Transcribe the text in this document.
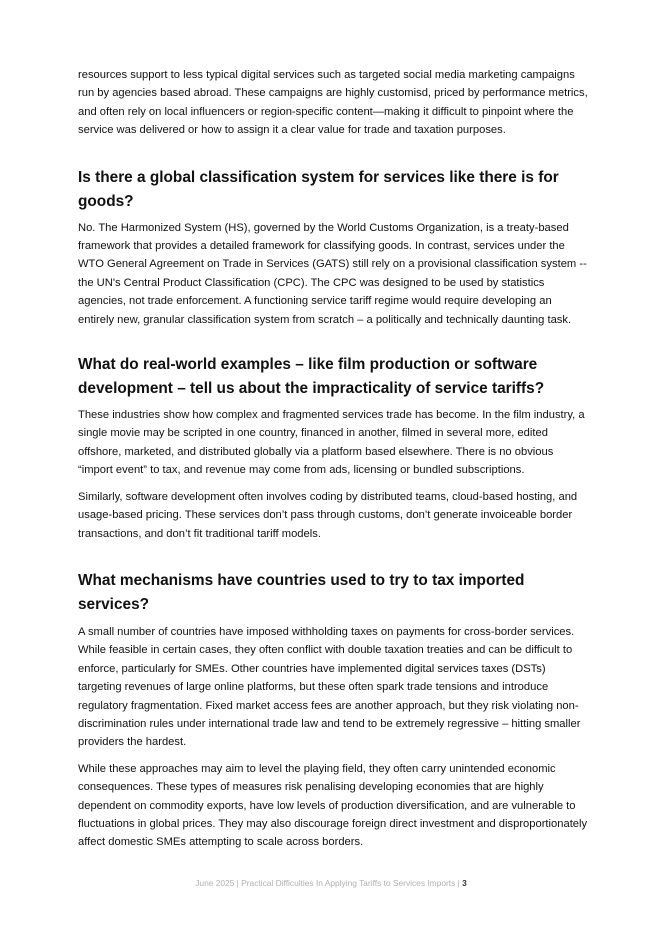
resources support to less typical digital services such as targeted social media marketing campaigns run by agencies based abroad. These campaigns are highly customisd, priced by performance metrics, and often rely on local influencers or region-specific content—making it difficult to pinpoint where the service was delivered or how to assign it a clear value for trade and taxation purposes.

Is there a global classification system for services like there is for goods?

No. The Harmonized System (HS), governed by the World Customs Organization, is a treaty-based framework that provides a detailed framework for classifying goods. In contrast, services under the WTO General Agreement on Trade in Services (GATS) still rely on a provisional classification system -- the UN's Central Product Classification (CPC). The CPC was designed to be used by statistics agencies, not trade enforcement. A functioning service tariff regime would require developing an entirely new, granular classification system from scratch – a politically and technically daunting task.

What do real-world examples – like film production or software development – tell us about the impracticality of service tariffs?

These industries show how complex and fragmented services trade has become. In the film industry, a single movie may be scripted in one country, financed in another, filmed in several more, edited offshore, marketed, and distributed globally via a platform based elsewhere. There is no obvious “import event” to tax, and revenue may come from ads, licensing or bundled subscriptions.

Similarly, software development often involves coding by distributed teams, cloud-based hosting, and usage-based pricing. These services don’t pass through customs, don’t generate invoiceable border transactions, and don’t fit traditional tariff models.

What mechanisms have countries used to try to tax imported services?

A small number of countries have imposed withholding taxes on payments for cross-border services. While feasible in certain cases, they often conflict with double taxation treaties and can be difficult to enforce, particularly for SMEs. Other countries have implemented digital services taxes (DSTs) targeting revenues of large online platforms, but these often spark trade tensions and introduce regulatory fragmentation. Fixed market access fees are another approach, but they risk violating non-discrimination rules under international trade law and tend to be extremely regressive – hitting smaller providers the hardest.

While these approaches may aim to level the playing field, they often carry unintended economic consequences. These types of measures risk penalising developing economies that are highly dependent on commodity exports, have low levels of production diversification, and are vulnerable to fluctuations in global prices. They may also discourage foreign direct investment and disproportionately affect domestic SMEs attempting to scale across borders.

June 2025 | Practical Difficulties In Applying Tariffs to Services Imports | 3
